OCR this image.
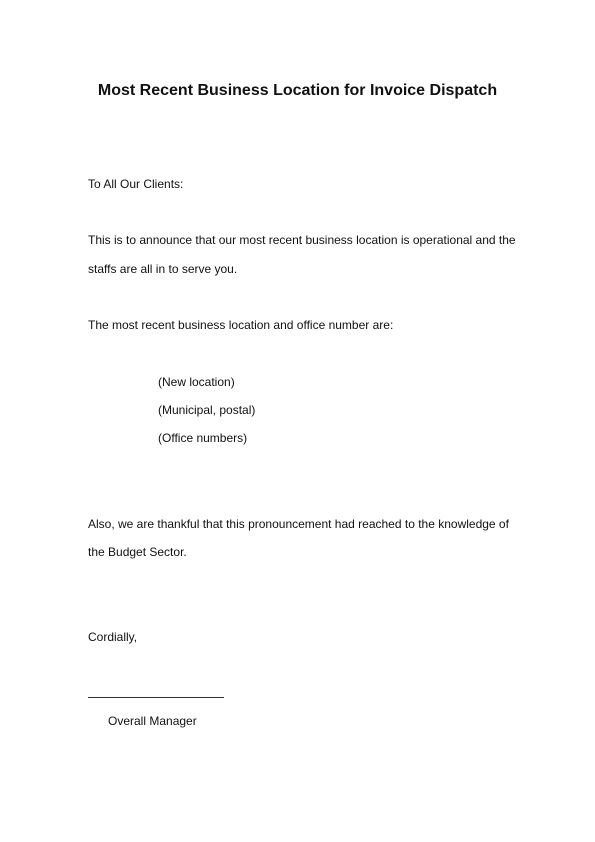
Most Recent Business Location for Invoice Dispatch
To All Our Clients:
This is to announce that our most recent business location is operational and the
staffs are all in to serve you.
The most recent business location and office number are:
(New location)
(Municipal, postal)
(Office numbers)
Also, we are thankful that this pronouncement had reached to the knowledge of
the Budget Sector.
Cordially,
Overall Manager
